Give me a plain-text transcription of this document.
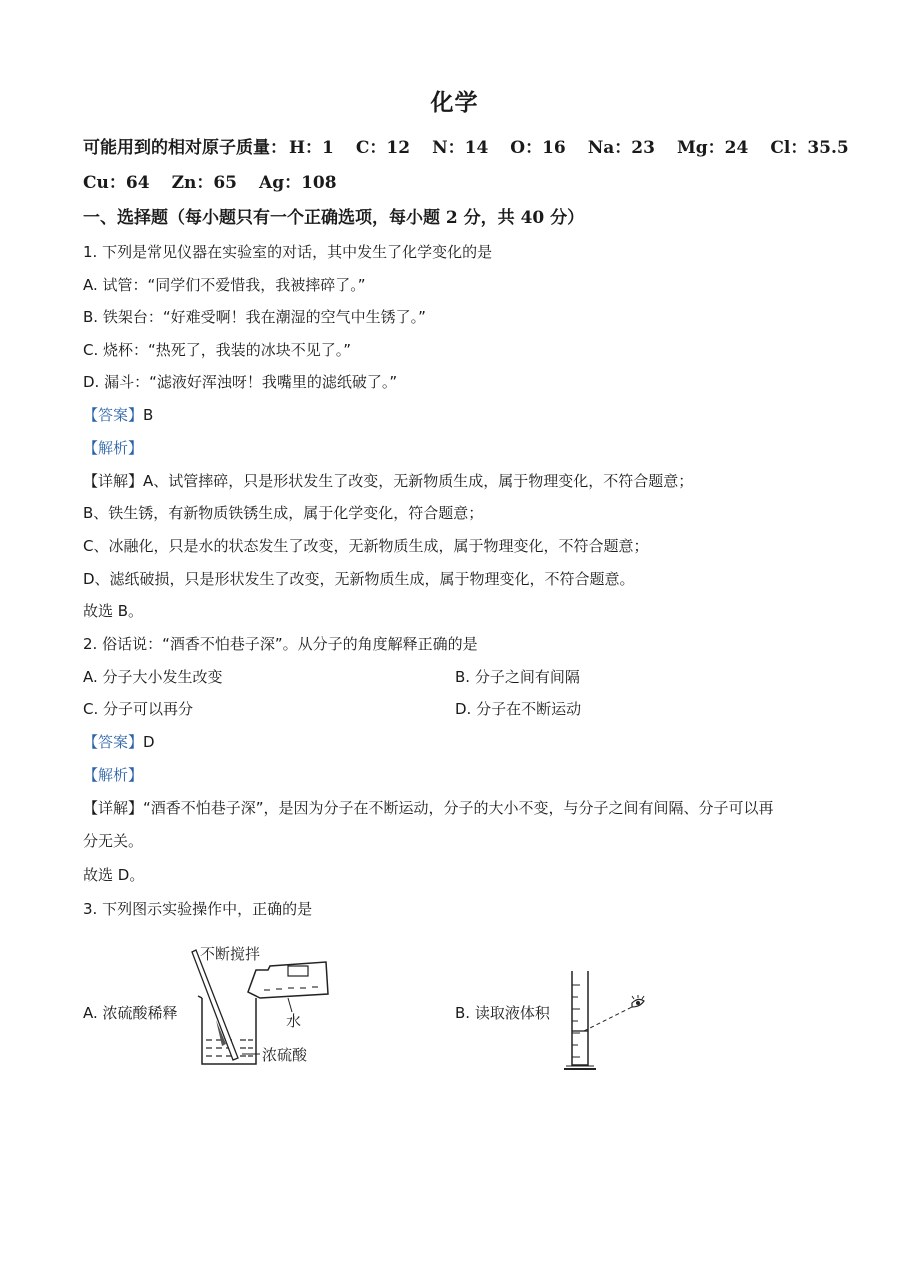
化学
可能用到的相对原子质量： H：1 C：12 N：14 O：16 Na：23 Mg：24 Cl：35.5
Cu：64 Zn：65 Ag：108
一、选择题（每小题只有一个正确选项，每小题 2 分，共 40 分）
1. 下列是常见仪器在实验室的对话，其中发生了化学变化的是
A. 试管：“同学们不爱惜我，我被摔碎了。”
B. 铁架台：“好难受啊！我在潮湿的空气中生锈了。”
C. 烧杯：“热死了，我装的冰块不见了。”
D. 漏斗：“滤液好浑浊呀！我嘴里的滤纸破了。”
【答案】B
【解析】
【详解】A、试管摔碎，只是形状发生了改变，无新物质生成，属于物理变化，不符合题意；
B、铁生锈，有新物质铁锈生成，属于化学变化，符合题意；
C、冰融化，只是水的状态发生了改变，无新物质生成，属于物理变化，不符合题意；
D、滤纸破损，只是形状发生了改变，无新物质生成，属于物理变化，不符合题意。
故选 B。
2. 俗话说：“酒香不怕巷子深”。从分子的角度解释正确的是
A. 分子大小发生改变	B. 分子之间有间隔
C. 分子可以再分	D. 分子在不断运动
【答案】D
【解析】
【详解】“酒香不怕巷子深”，是因为分子在不断运动，分子的大小不变，与分子之间有间隔、分子可以再
分无关。
故选 D。
3. 下列图示实验操作中，正确的是
A. 浓硫酸稀释	B. 读取液体积
不断搅拌
水
浓硫酸
